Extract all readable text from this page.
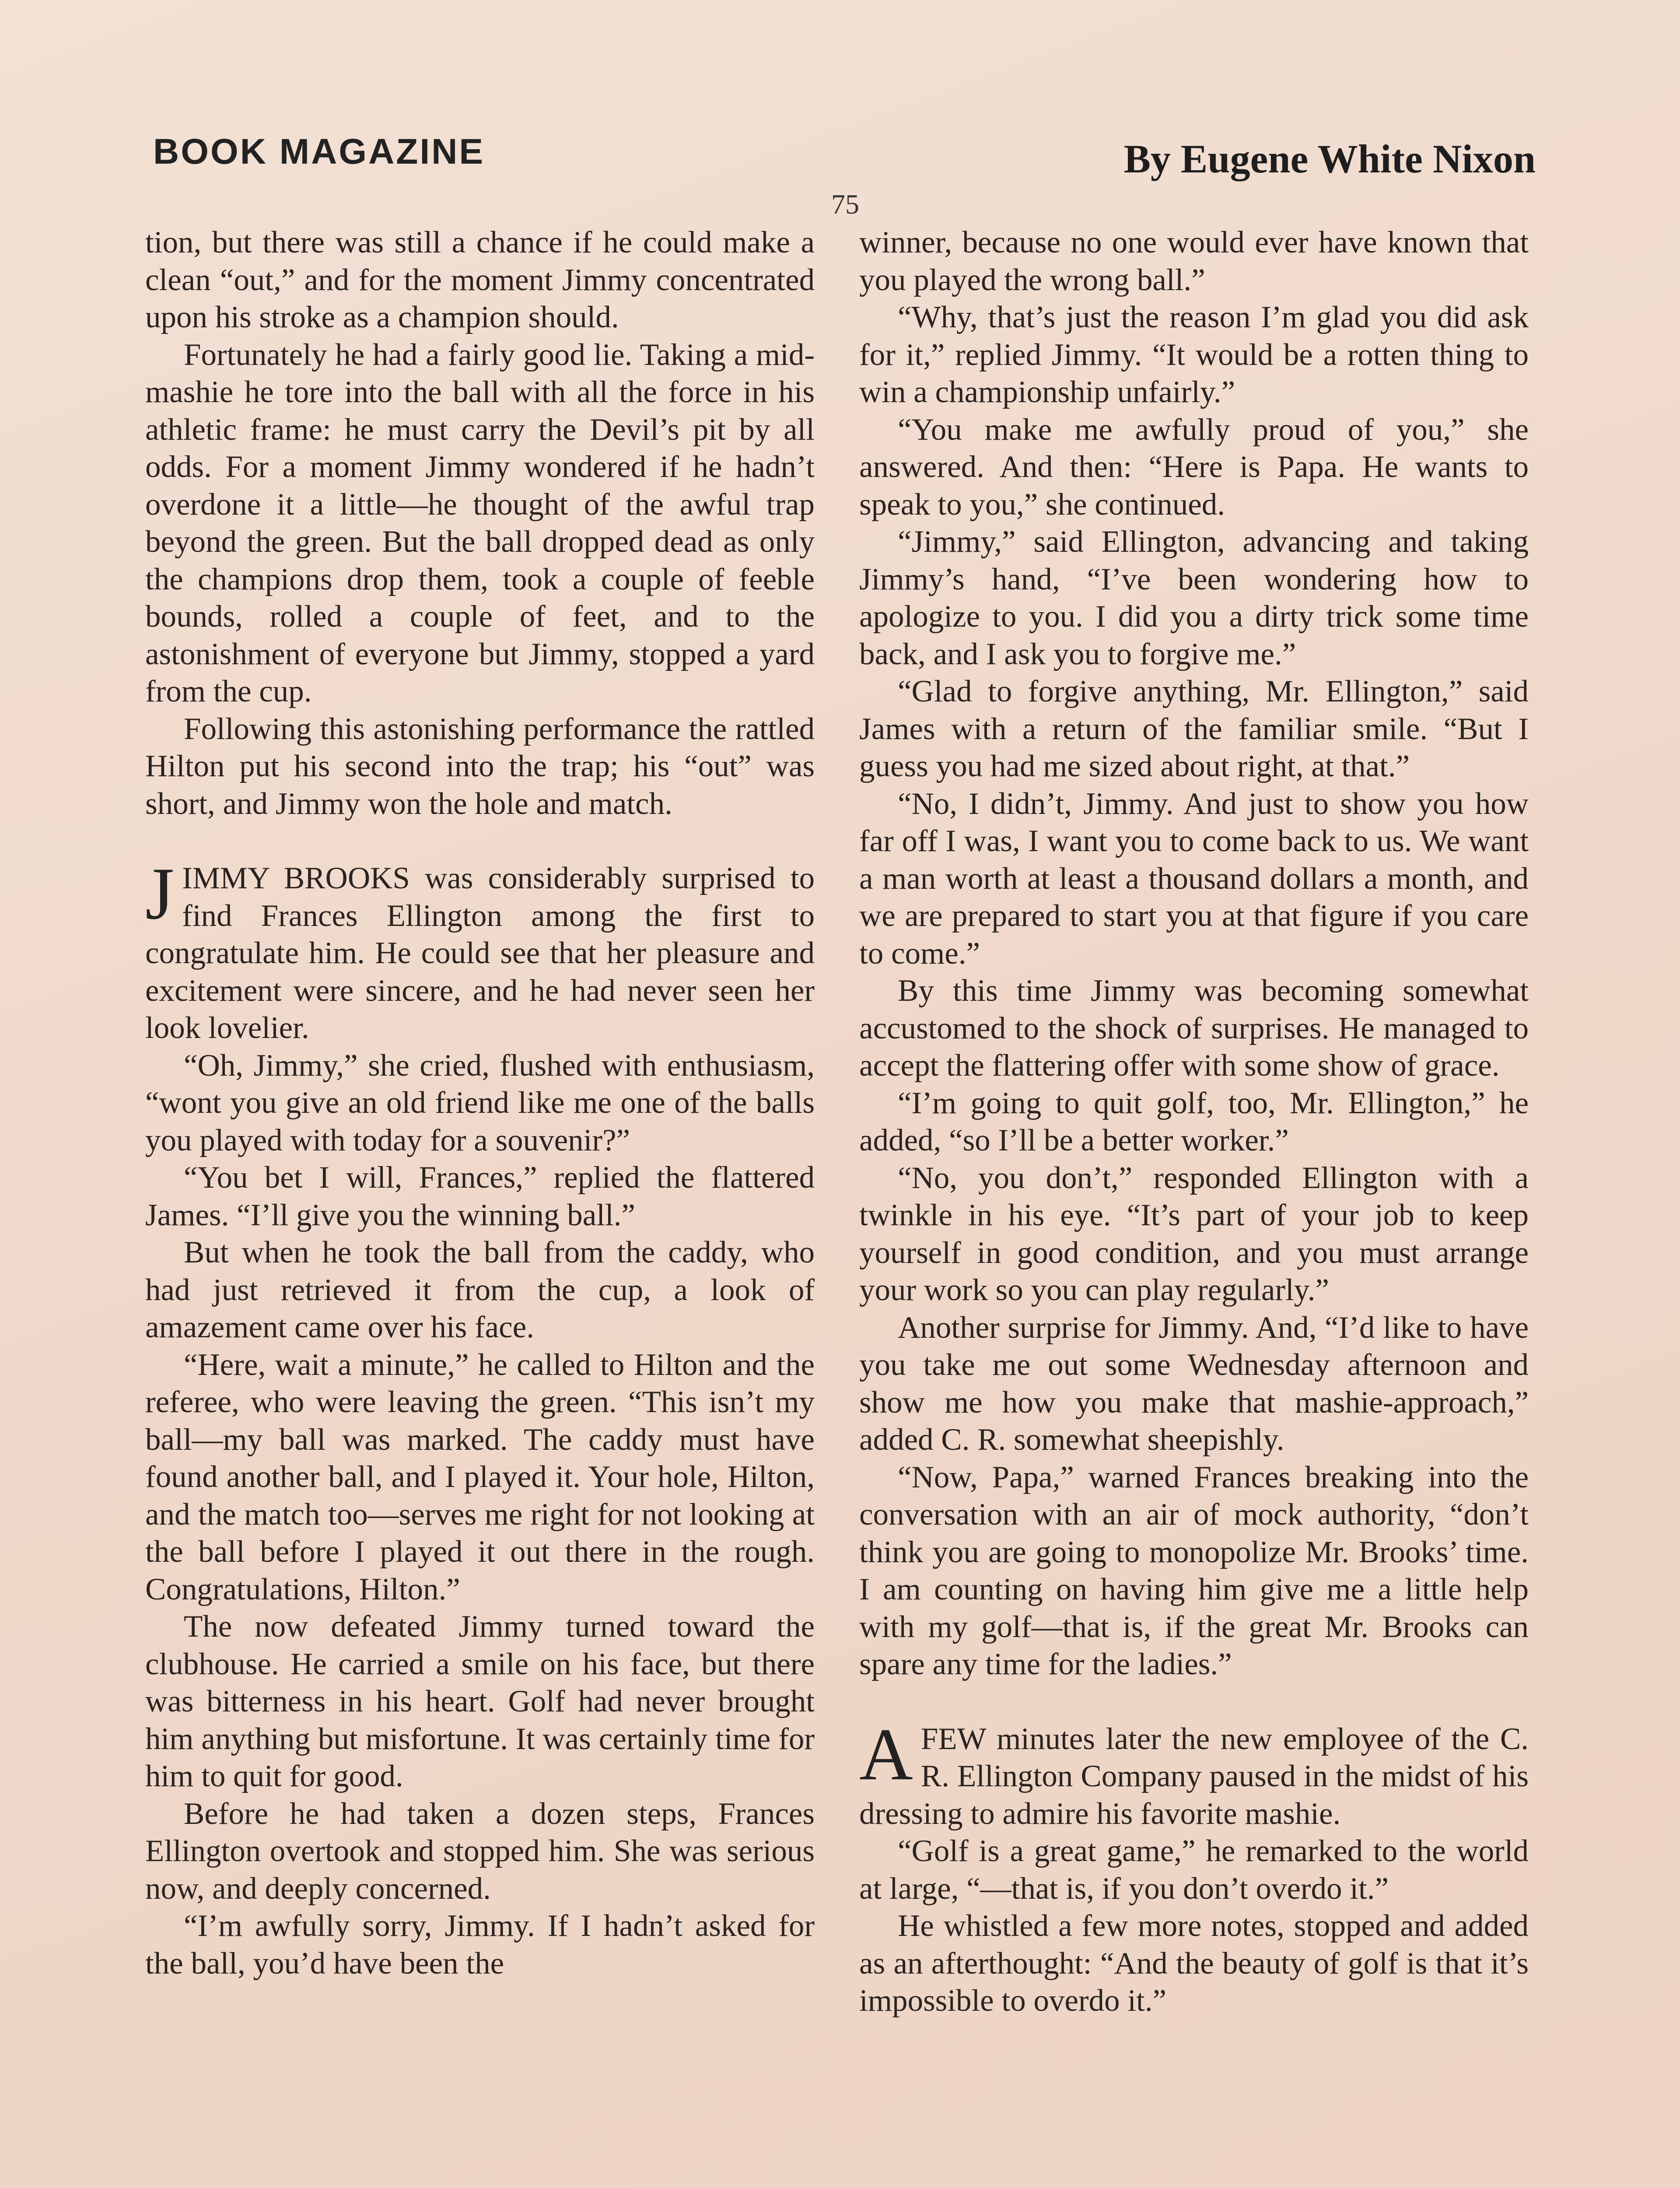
BOOK MAGAZINE	By Eugene White Nixon
75

tion, but there was still a chance if he could make a clean “out,” and for the moment Jimmy concentrated upon his stroke as a champion should.

Fortunately he had a fairly good lie. Taking a mid-mashie he tore into the ball with all the force in his athletic frame: he must carry the Devil’s pit by all odds. For a moment Jimmy wondered if he hadn’t overdone it a little—he thought of the awful trap beyond the green. But the ball dropped dead as only the champions drop them, took a couple of feeble bounds, rolled a couple of feet, and to the astonishment of everyone but Jimmy, stopped a yard from the cup.

Following this astonishing performance the rattled Hilton put his second into the trap; his “out” was short, and Jimmy won the hole and match.

JIMMY BROOKS was considerably surprised to find Frances Ellington among the first to congratulate him. He could see that her pleasure and excitement were sincere, and he had never seen her look lovelier.

“Oh, Jimmy,” she cried, flushed with enthusiasm, “wont you give an old friend like me one of the balls you played with today for a souvenir?”

“You bet I will, Frances,” replied the flattered James. “I’ll give you the winning ball.”

But when he took the ball from the caddy, who had just retrieved it from the cup, a look of amazement came over his face.

“Here, wait a minute,” he called to Hilton and the referee, who were leaving the green. “This isn’t my ball—my ball was marked. The caddy must have found another ball, and I played it. Your hole, Hilton, and the match too—serves me right for not looking at the ball before I played it out there in the rough. Congratulations, Hilton.”

The now defeated Jimmy turned toward the clubhouse. He carried a smile on his face, but there was bitterness in his heart. Golf had never brought him anything but misfortune. It was certainly time for him to quit for good.

Before he had taken a dozen steps, Frances Ellington overtook and stopped him. She was serious now, and deeply concerned.

“I’m awfully sorry, Jimmy. If I hadn’t asked for the ball, you’d have been the

winner, because no one would ever have known that you played the wrong ball.”

“Why, that’s just the reason I’m glad you did ask for it,” replied Jimmy. “It would be a rotten thing to win a championship unfairly.”

“You make me awfully proud of you,” she answered. And then: “Here is Papa. He wants to speak to you,” she continued.

“Jimmy,” said Ellington, advancing and taking Jimmy’s hand, “I’ve been wondering how to apologize to you. I did you a dirty trick some time back, and I ask you to forgive me.”

“Glad to forgive anything, Mr. Ellington,” said James with a return of the familiar smile. “But I guess you had me sized about right, at that.”

“No, I didn’t, Jimmy. And just to show you how far off I was, I want you to come back to us. We want a man worth at least a thousand dollars a month, and we are prepared to start you at that figure if you care to come.”

By this time Jimmy was becoming somewhat accustomed to the shock of surprises. He managed to accept the flattering offer with some show of grace.

“I’m going to quit golf, too, Mr. Ellington,” he added, “so I’ll be a better worker.”

“No, you don’t,” responded Ellington with a twinkle in his eye. “It’s part of your job to keep yourself in good condition, and you must arrange your work so you can play regularly.”

Another surprise for Jimmy. And, “I’d like to have you take me out some Wednesday afternoon and show me how you make that mashie-approach,” added C. R. somewhat sheepishly.

“Now, Papa,” warned Frances breaking into the conversation with an air of mock authority, “don’t think you are going to monopolize Mr. Brooks’ time. I am counting on having him give me a little help with my golf—that is, if the great Mr. Brooks can spare any time for the ladies.”

AFEW minutes later the new employee of the C. R. Ellington Company paused in the midst of his dressing to admire his favorite mashie.

“Golf is a great game,” he remarked to the world at large, “—that is, if you don’t overdo it.”

He whistled a few more notes, stopped and added as an afterthought: “And the beauty of golf is that it’s impossible to overdo it.”
